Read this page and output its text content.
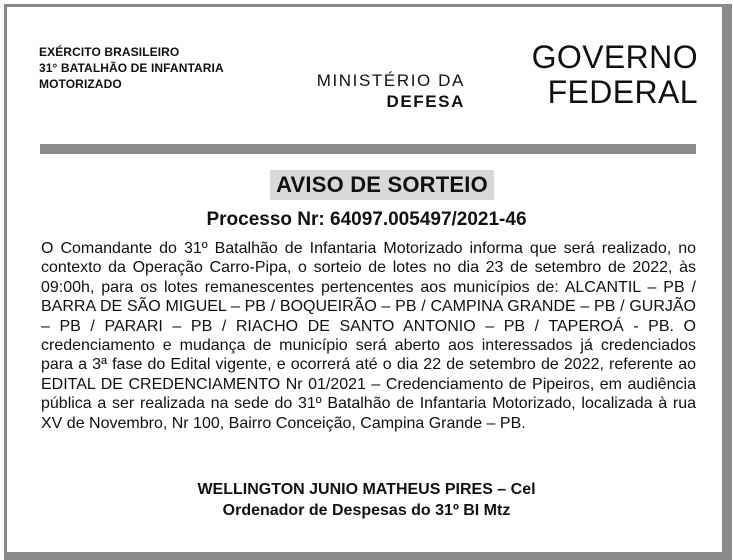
EXÉRCITO BRASILEIRO
31° BATALHÃO DE INFANTARIA
MOTORIZADO	MINISTÉRIO DA
DEFESA
GOVERNO
FEDERAL
AVISO DE SORTEIO
Processo Nr: 64097.005497/2021-46
O Comandante do 31º Batalhão de Infantaria Motorizado informa que será realizado, no contexto da Operação Carro-Pipa, o sorteio de lotes no dia 23 de setembro de 2022, às 09:00h, para os lotes remanescentes pertencentes aos municípios de: ALCANTIL – PB / BARRA DE SÃO MIGUEL – PB / BOQUEIRÃO – PB / CAMPINA GRANDE – PB / GURJÃO – PB / PARARI – PB / RIACHO DE SANTO ANTONIO – PB / TAPEROÁ - PB. O credenciamento e mudança de município será aberto aos interessados já credenciados para a 3ª fase do Edital vigente, e ocorrerá até o dia 22 de setembro de 2022, referente ao EDITAL DE CREDENCIAMENTO Nr 01/2021 – Credenciamento de Pipeiros, em audiência pública a ser realizada na sede do 31º Batalhão de Infantaria Motorizado, localizada à rua XV de Novembro, Nr 100, Bairro Conceição, Campina Grande – PB.
WELLINGTON JUNIO MATHEUS PIRES – Cel
Ordenador de Despesas do 31º BI Mtz
